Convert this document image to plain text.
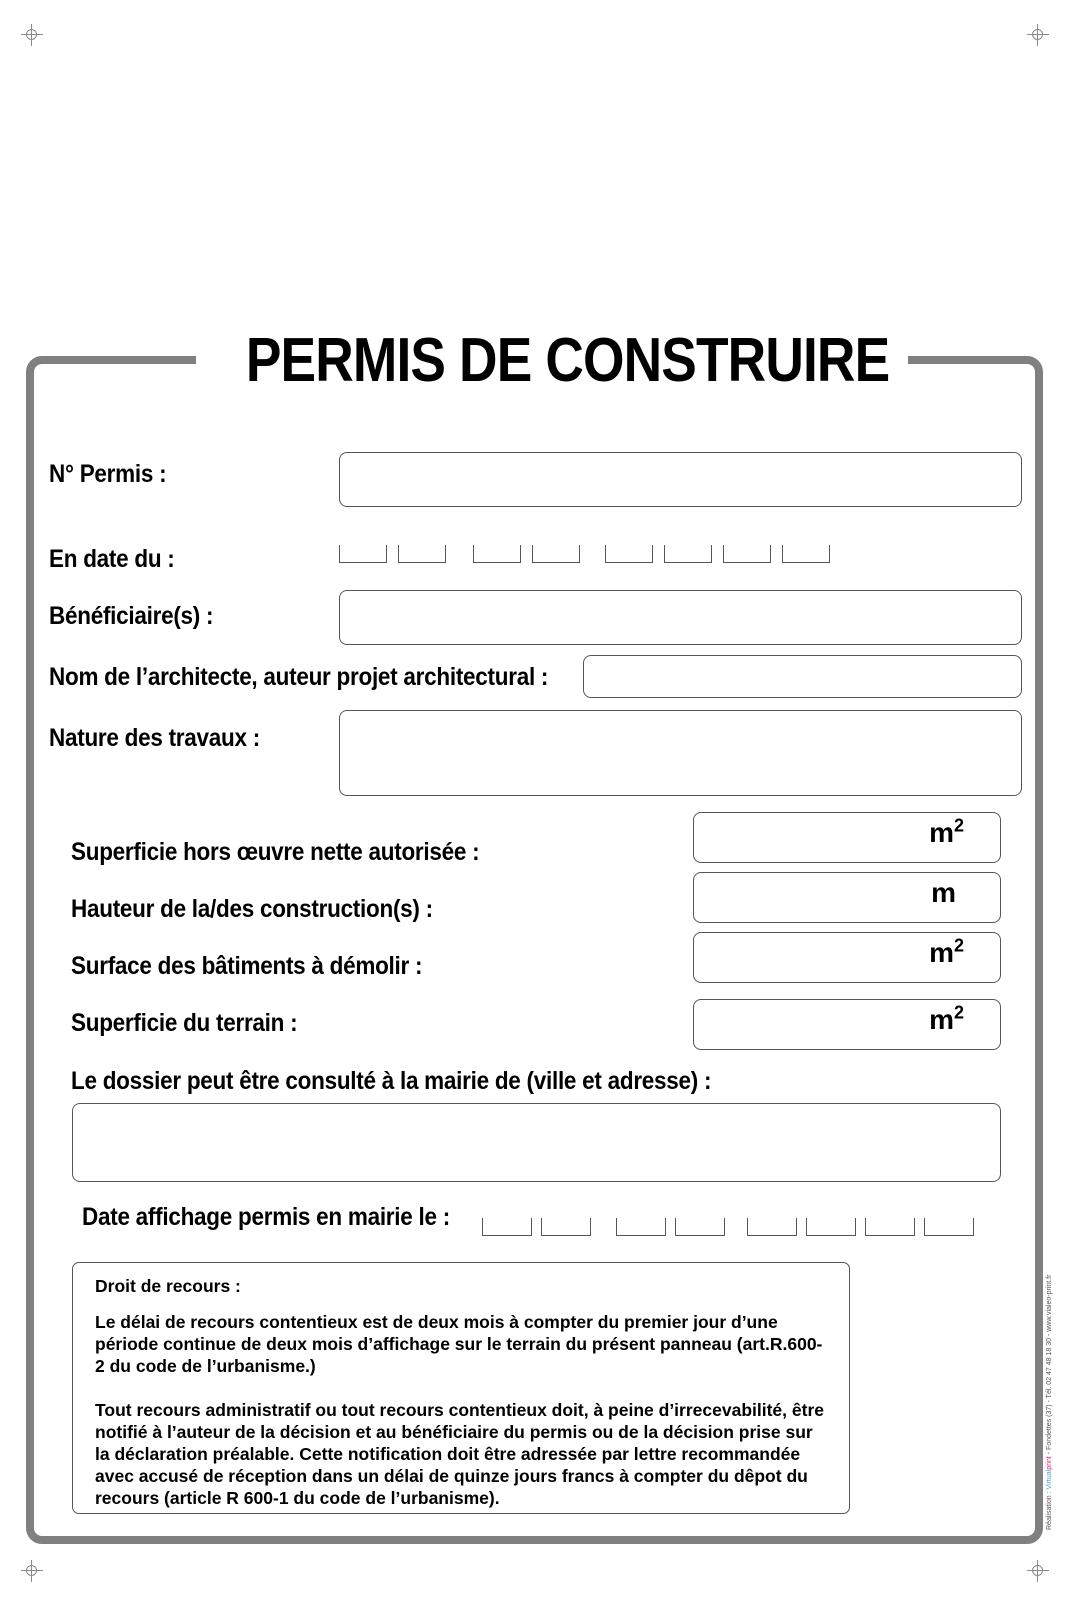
PERMIS DE CONSTRUIRE
N° Permis :
En date du :
Bénéficiaire(s) :
Nom de l’architecte, auteur projet architectural :
Nature des travaux :
Superficie hors œuvre nette autorisée :
$m^2$
Hauteur de la/des construction(s) :
m
Surface des bâtiments à démolir :	$m^2$
Superficie du terrain :	$m^2$
Le dossier peut être consulté à la mairie de (ville et adresse) :
Date affichage permis en mairie le :

Droit de recours :

Le délai de recours contentieux est de deux mois à compter du premier jour d’une période continue de deux mois d’affichage sur le terrain du présent panneau (art.R.600-2 du code de l’urbanisme.)

Tout recours administratif ou tout recours contentieux doit, à peine d’irrecevabilité, être notifié à l’auteur de la décision et au bénéficiaire du permis ou de la décision prise sur la déclaration préalable. Cette notification doit être adressée par lettre recommandée avec accusé de réception dans un délai de quinze jours francs à compter du dêpot du recours (article R 600-1 du code de l’urbanisme).	Réalisation : Virtualprint - Fondettes (37) - Tél. 02 47 48 18 30 - www.vialeo-print.fr
